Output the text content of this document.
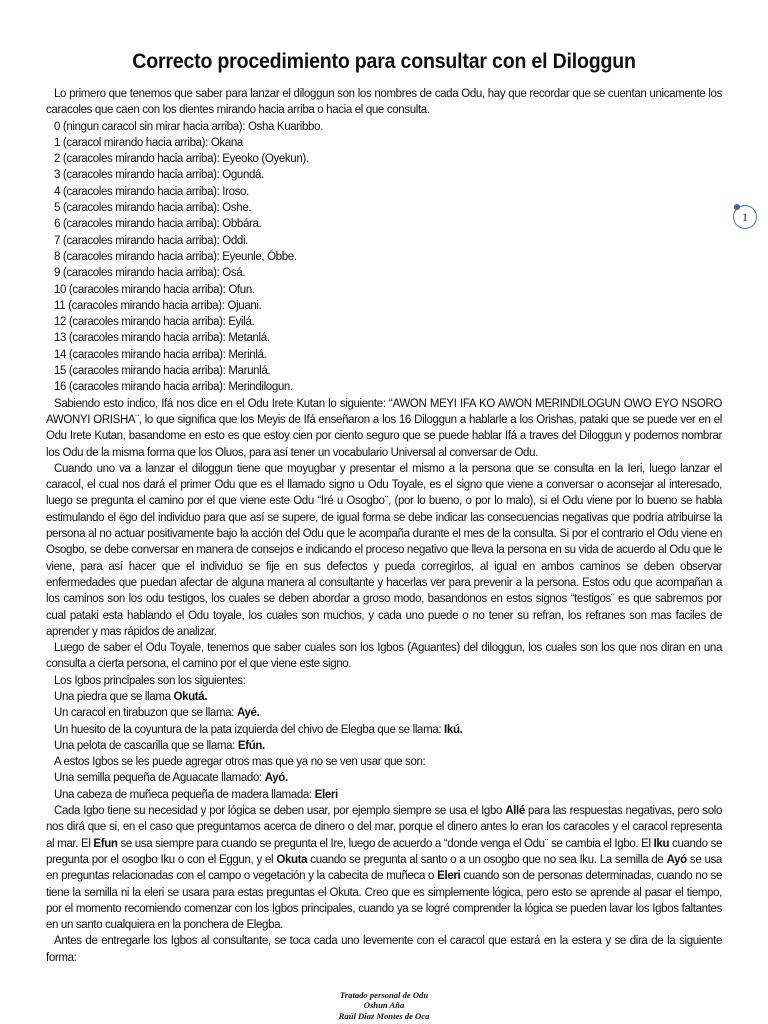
Correcto procedimiento para consultar con el Diloggun

Lo primero que tenemos que saber para lanzar el diloggun son los nombres de cada Odu, hay que recordar que se cuentan unicamente los caracoles que caen con los dientes mirando hacia arriba o hacia el que consulta.

0 (ningun caracol sin mirar hacia arriba): Osha Kuaribbo.
1 (caracol mirando hacia arriba): Okana
2 (caracoles mirando hacia arriba): Eyeoko (Oyekun).
3 (caracoles mirando hacia arriba): Ogundá.
4 (caracoles mirando hacia arriba): Iroso.
5 (caracoles mirando hacia arriba): Oshe.
6 (caracoles mirando hacia arriba): Obbára.
7 (caracoles mirando hacia arriba): Oddi.
8 (caracoles mirando hacia arriba): Eyeunle, Óbbe.
9 (caracoles mirando hacia arriba): Osá.
10 (caracoles mirando hacia arriba): Ofun.
11 (caracoles mirando hacia arriba): Ojuani.
12 (caracoles mirando hacia arriba): Eyilá.
13 (caracoles mirando hacia arriba): Metanlá.
14 (caracoles mirando hacia arriba): Merinlá.
15 (caracoles mirando hacia arriba): Marunlá.
16 (caracoles mirando hacia arriba): Merindilogun.

Sabiendo esto indico, Ifá nos dice en el Odu Irete Kutan lo siguiente: “AWON MEYI IFA KO AWON MERINDILOGUN OWO EYO NSORO AWONYI ORISHA¨, lo que significa que los Meyis de Ifá enseñaron a los 16 Diloggun a hablarle a los Orishas, pataki que se puede ver en el Odu Irete Kutan, basandome en esto es que estoy cien por ciento seguro que se puede hablar Ifá a traves del Diloggun y podemos nombrar los Odu de la misma forma que los Oluos, para así tener un vocabulario Universal al conversar de Odu.

Cuando uno va a lanzar el diloggun tiene que moyugbar y presentar el mismo a la persona que se consulta en la Ieri, luego lanzar el caracol, el cual nos dará el primer Odu que es el llamado signo u Odu Toyale, es el signo que viene a conversar o aconsejar al interesado, luego se pregunta el camino por el que viene este Odu “Iré u Osogbo¨, (por lo bueno, o por lo malo), si el Odu viene por lo bueno se habla estimulando el ëgo del individuo para que así se supere, de igual forma se debe indicar las consecuencias negativas que podría atribuirse la persona al no actuar positivamente bajo la acción del Odu que le acompaña durante el mes de la consulta. Si por el contrario el Odu viene en Osogbo, se debe conversar en manera de consejos e indicando el proceso negativo que lleva la persona en su vida de acuerdo al Odu que le viene, para así hacer que el individuo se fije en sus defectos y pueda corregirlos, al igual en ambos caminos se deben observar enfermedades que puedan afectar de alguna manera al consultante y hacerlas ver para prevenir a la persona. Estos odu que acompañan a los caminos son los odu testigos, los cuales se deben abordar a groso modo, basandonos en estos signos “testigos¨ es que sabremos por cual pataki esta hablando el Odu toyale, los cuales son muchos, y cada uno puede o no tener su refran, los refranes son mas faciles de aprender y mas rápidos de analizar.

Luego de saber el Odu Toyale, tenemos que saber cuales son los Igbos (Aguantes) del diloggun, los cuales son los que nos diran en una consulta a cierta persona, el camino por el que viene este signo.

Los Igbos principales son los siguientes:
Una piedra que se llama Okutá.
Un caracol en tirabuzon que se llama: Ayé.
Un huesito de la coyuntura de la pata izquierda del chivo de Elegba que se llama: Ikú.
Una pelota de cascarilla que se llama: Efún.
A estos Igbos se les puede agregar otros mas que ya no se ven usar que son:
Una semilla pequeña de Aguacate llamado: Ayó.
Una cabeza de muñeca pequeña de madera llamada: Eleri

Cada Igbo tiene su necesidad y por lógica se deben usar, por ejemplo siempre se usa el Igbo Allé para las respuestas negativas, pero solo nos dirá que si, en el caso que preguntamos acerca de dinero o del mar, porque el dinero antes lo eran los caracoles y el caracol representa al mar. El Efun se usa siempre para cuando se pregunta el Ire, luego de acuerdo a “donde venga el Odu¨ se cambia el Igbo. El Iku cuando se pregunta por el osogbo Iku o con el Eggun, y el Okuta cuando se pregunta al santo o a un osogbo que no sea Iku. La semilla de Ayó se usa en preguntas relacionadas con el campo o vegetación y la cabecita de muñeca o Eleri cuando son de personas determinadas, cuando no se tiene la semilla ni la eleri se usara para estas preguntas el Okuta. Creo que es simplemente lógica, pero esto se aprende al pasar el tiempo, por el momento recomiendo comenzar con los Igbos principales, cuando ya se logré comprender la lógica se pueden lavar los Igbos faltantes en un santo cualquiera en la ponchera de Elegba.

Antes de entregarle los Igbos al consultante, se toca cada uno levemente con el caracol que estará en la estera y se dira de la siguiente forma:

1
Tratado personal de Odu
Oshun Aña
Raúl Díaz Montes de Oca
